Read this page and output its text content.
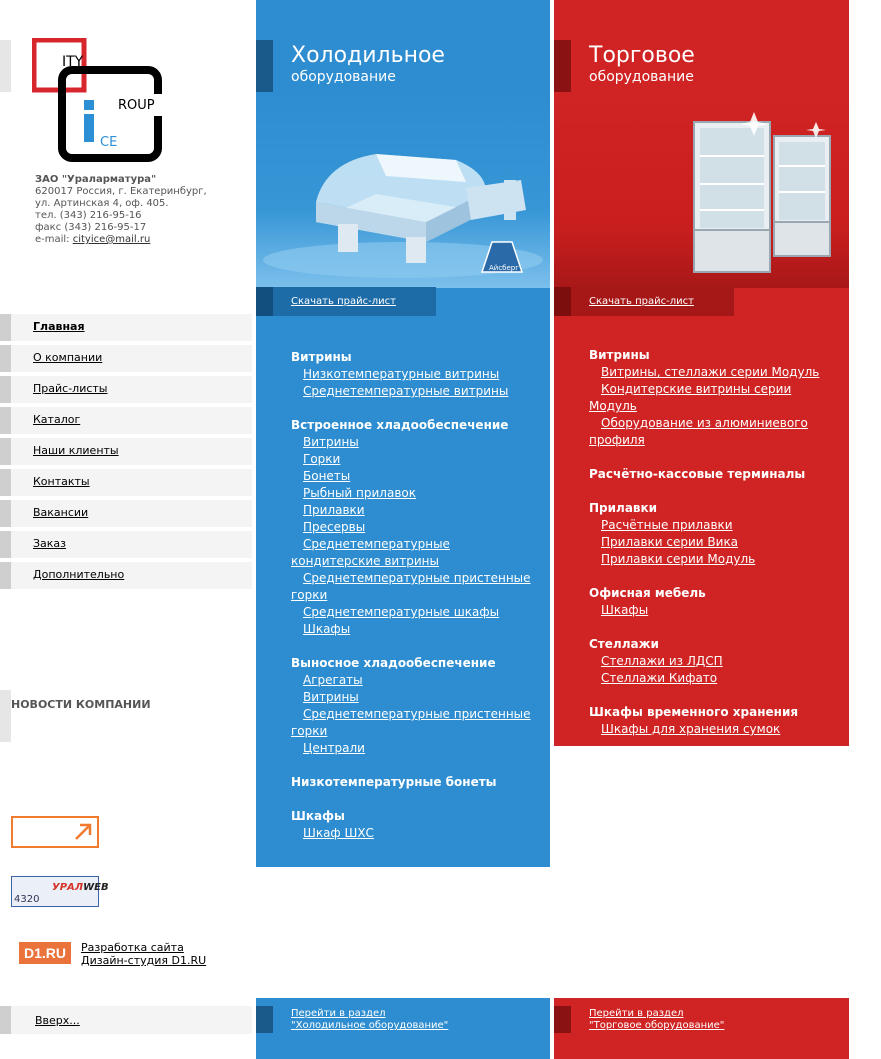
ITY
ROUP
CE
ЗАО "Ураларматура"
620017 Россия, г. Екатеринбург,
ул. Артинская 4, оф. 405.
тел. (343) 216-95-16
факс (343) 216-95-17
e-mail: cityice@mail.ru
Главная
О компании
Прайс-листы
Каталог
Наши клиенты
Контакты
Вакансии
Заказ
Дополнительно
НОВОСТИ КОМПАНИИ
4320
УРАЛWEB
D1.RU	Разработка сайта
Дизайн-студия D1.RU
Вверх...
Холодильное
оборудование
Айсберг
Скачать прайс-лист
Витрины
Низкотемпературные витрины
Среднетемпературные витрины
Встроенное хладообеспечение
Витрины
Горки
Бонеты
Рыбный прилавок
Прилавки
Пресервы
Среднетемпературные кондитерские витрины
Среднетемпературные пристенные горки
Среднетемпературные шкафы
Шкафы
Выносное хладообеспечение
Агрегаты
Витрины
Среднетемпературные пристенные горки
Централи
Низкотемпературные бонеты
Шкафы
Шкаф ШХС
Торговое
оборудование
Скачать прайс-лист
Витрины
Витрины, стеллажи серии Модуль
Кондитерские витрины серии Модуль
Оборудование из алюминиевого профиля
Расчётно-кассовые терминалы
Прилавки
Расчётные прилавки
Прилавки серии Вика
Прилавки серии Модуль
Офисная мебель
Шкафы
Стеллажи
Стеллажи из ЛДСП
Стеллажи Кифато
Шкафы временного хранения
Шкафы для хранения сумок
Перейти в раздел
"Холодильное оборудование"
Перейти в раздел
"Торговое оборудование"
